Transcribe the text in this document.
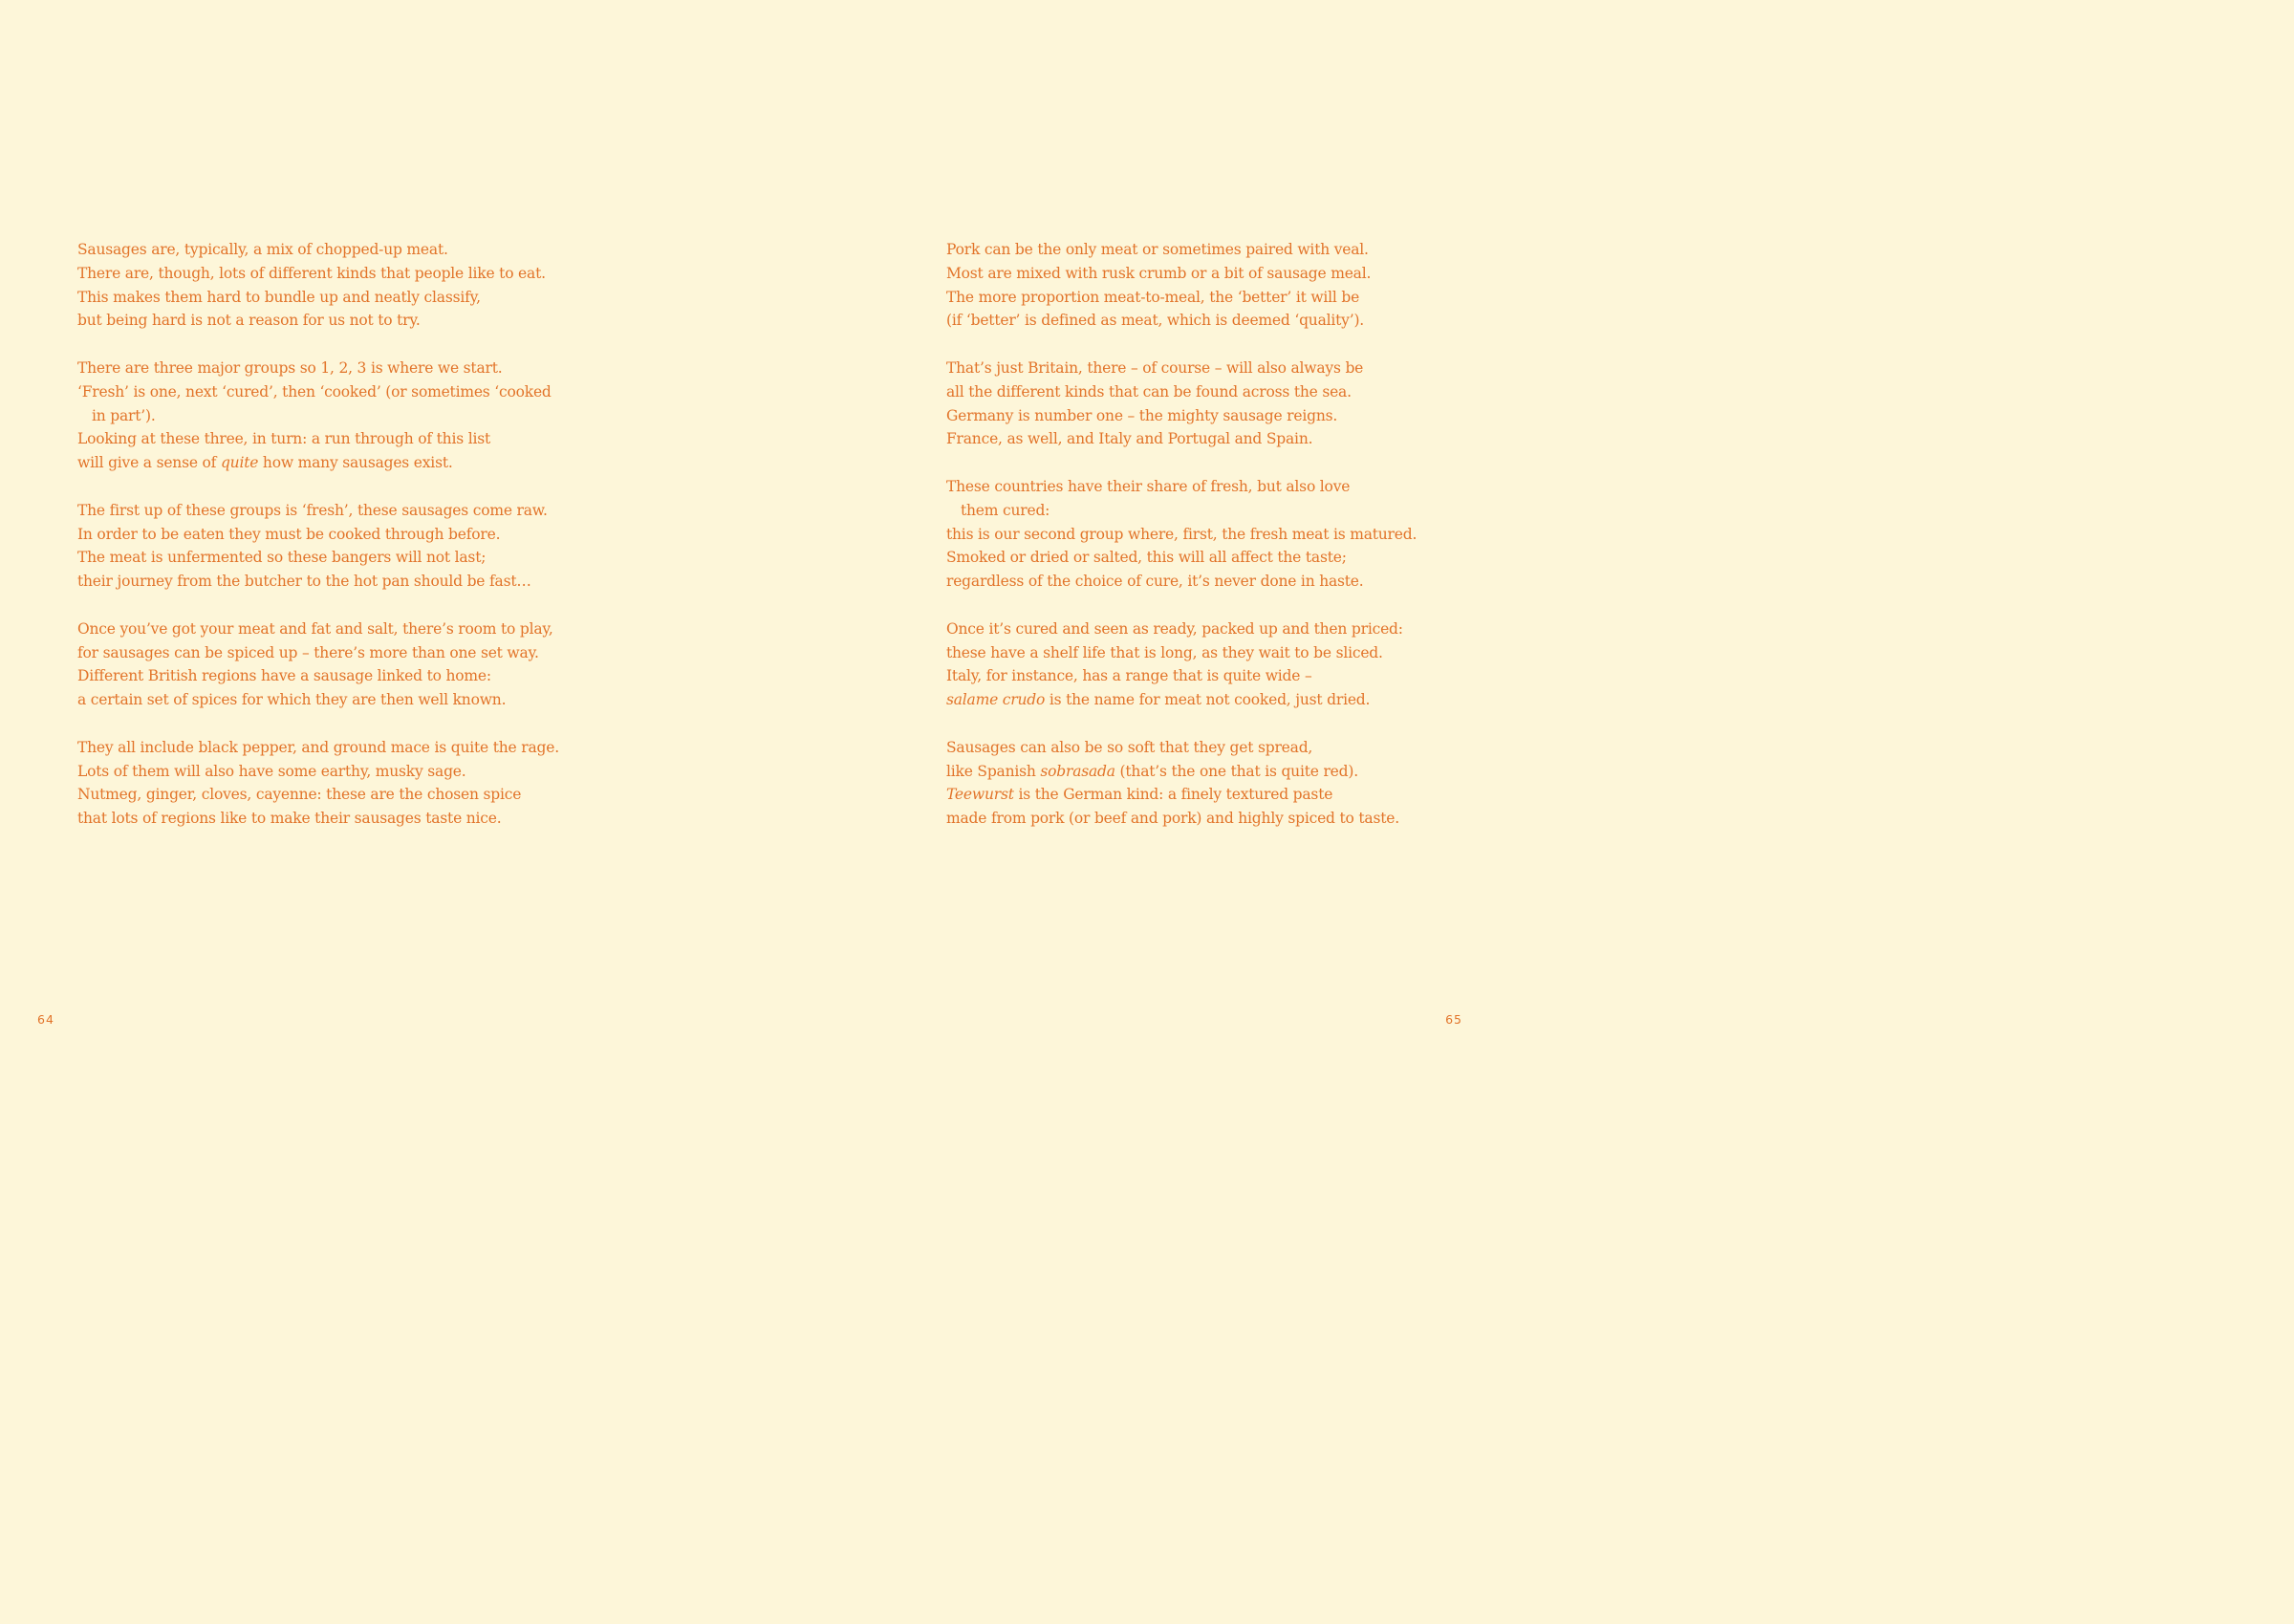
Sausages are, typically, a mix of chopped-up meat.
There are, though, lots of different kinds that people like to eat.
This makes them hard to bundle up and neatly classify,
but being hard is not a reason for us not to try.
There are three major groups so 1, 2, 3 is where we start.
‘Fresh’ is one, next ‘cured’, then ‘cooked’ (or sometimes ‘cooked
in part’).
Looking at these three, in turn: a run through of this list
will give a sense of quite how many sausages exist.
The first up of these groups is ‘fresh’, these sausages come raw.
In order to be eaten they must be cooked through before.
The meat is unfermented so these bangers will not last;
their journey from the butcher to the hot pan should be fast…
Once you’ve got your meat and fat and salt, there’s room to play,
for sausages can be spiced up – there’s more than one set way.
Different British regions have a sausage linked to home:
a certain set of spices for which they are then well known.
They all include black pepper, and ground mace is quite the rage.
Lots of them will also have some earthy, musky sage.
Nutmeg, ginger, cloves, cayenne: these are the chosen spice
that lots of regions like to make their sausages taste nice.
64
Pork can be the only meat or sometimes paired with veal.
Most are mixed with rusk crumb or a bit of sausage meal.
The more proportion meat-to-meal, the ‘better’ it will be
(if ‘better’ is defined as meat, which is deemed ‘quality’).
That’s just Britain, there – of course – will also always be
all the different kinds that can be found across the sea.
Germany is number one – the mighty sausage reigns.
France, as well, and Italy and Portugal and Spain.
These countries have their share of fresh, but also love
them cured:
this is our second group where, first, the fresh meat is matured.
Smoked or dried or salted, this will all affect the taste;
regardless of the choice of cure, it’s never done in haste.
Once it’s cured and seen as ready, packed up and then priced:
these have a shelf life that is long, as they wait to be sliced.
Italy, for instance, has a range that is quite wide –
salame crudo is the name for meat not cooked, just dried.
Sausages can also be so soft that they get spread,
like Spanish sobrasada (that’s the one that is quite red).
Teewurst is the German kind: a finely textured paste
made from pork (or beef and pork) and highly spiced to taste.
65
